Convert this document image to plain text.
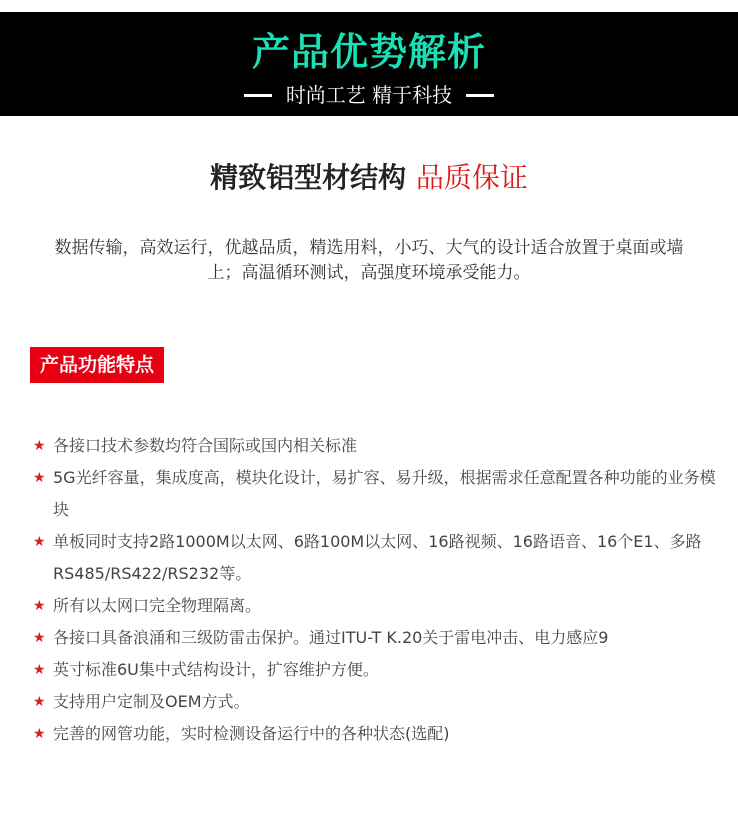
产品优势解析
时尚工艺 精于科技
精致铝型材结构 品质保证
数据传输，高效运行，优越品质，精选用料，小巧、大气的设计适合放置于桌面或墙上；高温循环测试，高强度环境承受能力。
产品功能特点
★ 各接口技术参数均符合国际或国内相关标准
★ 5G光纤容量，集成度高，模块化设计，易扩容、易升级，根据需求任意配置各种功能的业务模块
★ 单板同时支持2路1000M以太网、6路100M以太网、16路视频、16路语音、16个E1、多路RS485/RS422/RS232等。
★ 所有以太网口完全物理隔离。
★ 各接口具备浪涌和三级防雷击保护。通过ITU-T K.20关于雷电冲击、电力感应9
★ 英寸标准6U集中式结构设计，扩容维护方便。
★ 支持用户定制及OEM方式。
★ 完善的网管功能，实时检测设备运行中的各种状态(选配)
